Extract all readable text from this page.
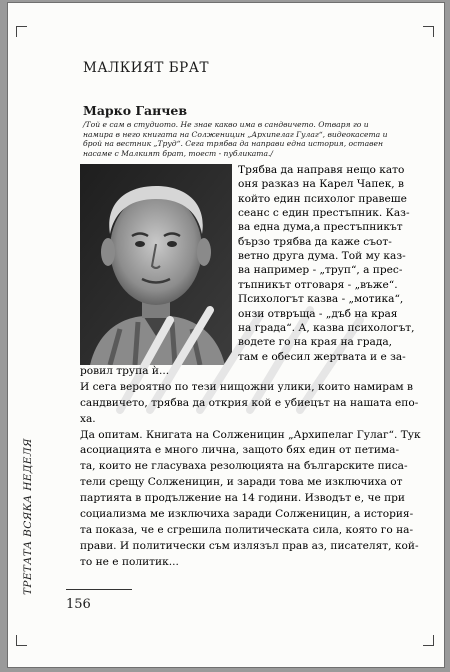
МАЛКИЯТ БРАТ
Марко Ганчев
/Той е сам в студиото. Не знае какво има в сандвичето. Отваря го и намира в него книгата на Солженицин „Архипелаг Гулаг“, видеокасета и брой на вестник „Труд“. Сега трябва да направи една история, оставен насаме с Малкият брат, тоест - публиката./
Трябва да направя нещо като
оня разказ на Карел Чапек, в
който един психолог правеше
сеанс с един престъпник. Каз-
ва една дума,а престъпникът
бързо трябва да каже съот-
ветно друга дума. Той му каз-
ва например - „труп“, а прес-
тъпникът отговаря - „въже“.
Психологът казва - „мотика“,
онзи отвръща - „дъб на края
на града“. А, казва психологът,
водете го на края на града,
там е обесил жертвата и е за-
ровил трупа ѝ...
И сега вероятно по тези нищожни улики, които намирам в
сандвичето, трябва да открия кой е убиецът на нашата епо-
ха.
Да опитам. Книгата на Солженицин „Архипелаг Гулаг“. Тук
асоциацията е много лична, защото бях един от петима-
та, които не гласуваха резолюцията на българските писа-
тели срещу Солженицин, и заради това ме изключиха от
партията в продължение на 14 години. Изводът е, че при
социализма ме изключиха заради Солженицин, а история-
та показа, че е сгрешила политическата сила, която го на-
прави. И политически съм излязъл прав аз, писателят, кой-
то не е политик...
ТРЕТАТА ВСЯКА НЕДЕЛЯ
156
